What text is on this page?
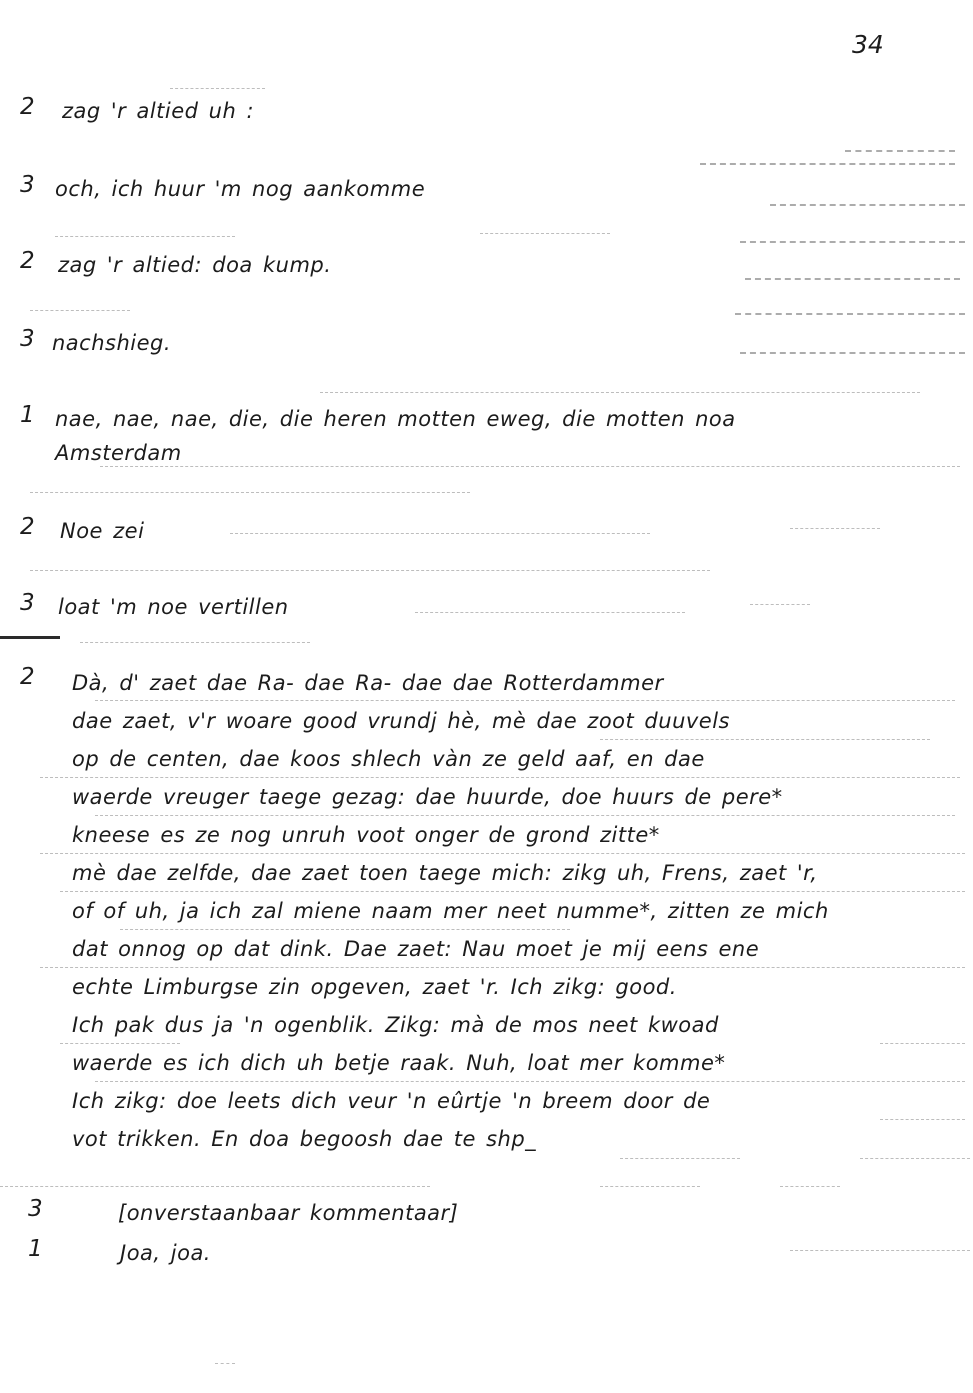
34
2 zag 'r altied uh :
3 och, ich huur 'm nog aankomme
2 zag 'r altied: doa kump.
3 nachshieg.
1 nae, nae, nae, die, die heren motten eweg, die motten noa
Amsterdam
2 Noe zei
3 loat 'm noe vertillen
2 Dà, d' zaet dae Ra- dae Ra- dae dae Rotterdammer
dae zaet, v'r woare good vrundj hè, mè dae zoot duuvels
op de centen, dae koos shlech vàn ze geld aaf, en dae
waerde vreuger taege gezag: dae huurde, doe huurs de pere*
kneese es ze nog unruh voot onger de grond zitte*
mè dae zelfde, dae zaet toen taege mich: zikg uh, Frens, zaet 'r,
of of uh, ja ich zal miene naam mer neet numme*, zitten ze mich
dat onnog op dat dink. Dae zaet: Nau moet je mij eens ene
echte Limburgse zin opgeven, zaet 'r. Ich zikg: good.
Ich pak dus ja 'n ogenblik. Zikg: mà de mos neet kwoad
waerde es ich dich uh betje raak. Nuh, loat mer komme*
Ich zikg: doe leets dich veur 'n eûrtje 'n breem door de
vot trikken. En doa begoosh dae te shp_
3	[onverstaanbaar kommentaar]
1	Joa, joa.
